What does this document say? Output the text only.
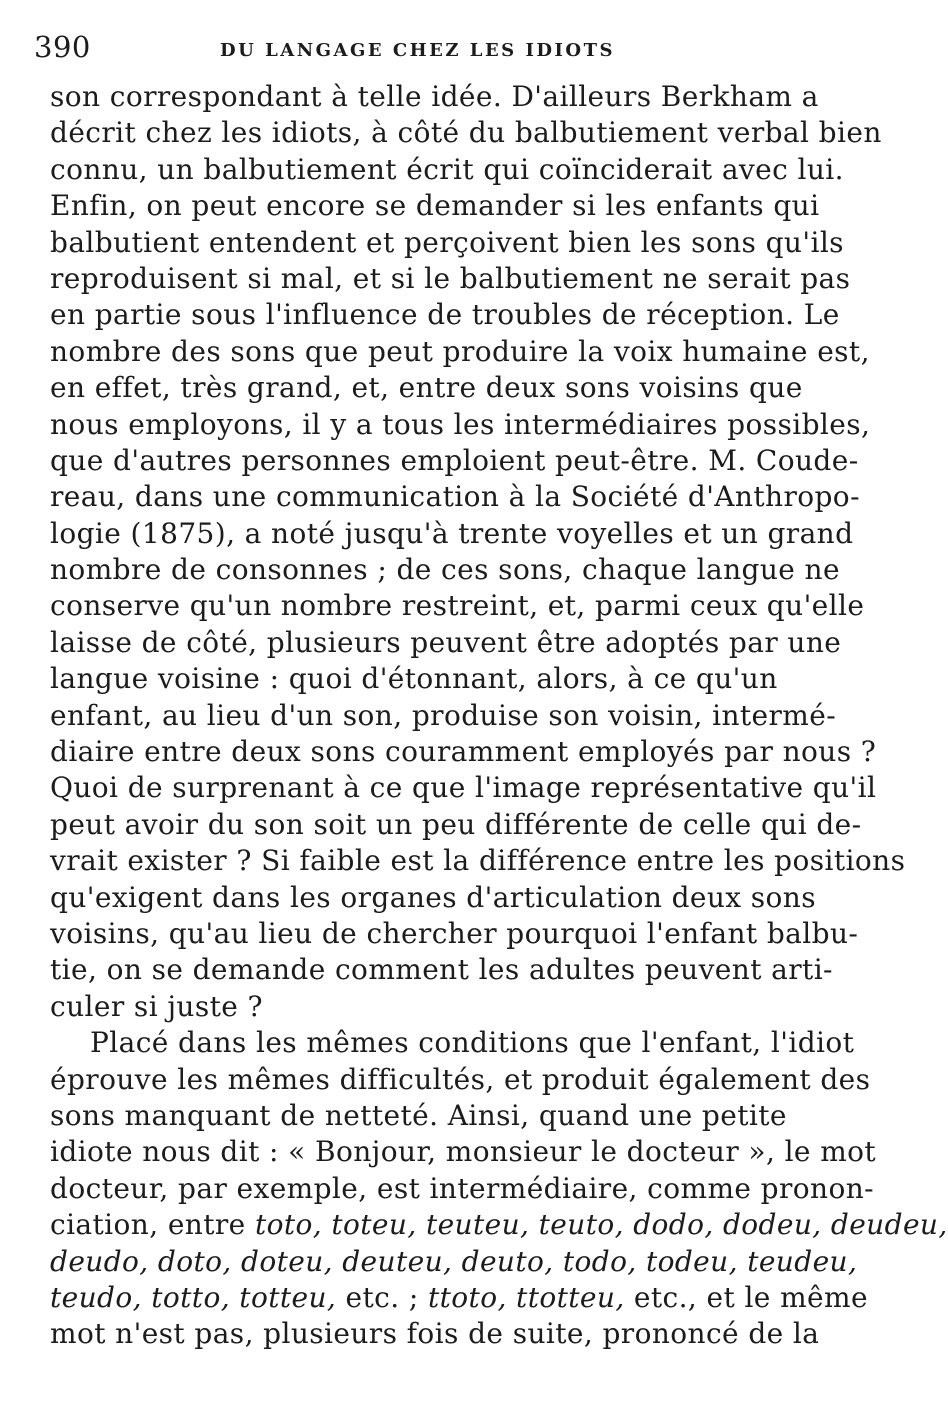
390	DU LANGAGE CHEZ LES IDIOTS
son correspondant à telle idée. D'ailleurs Berkham a
décrit chez les idiots, à côté du balbutiement verbal bien
connu, un balbutiement écrit qui coïnciderait avec lui.
Enfin, on peut encore se demander si les enfants qui
balbutient entendent et perçoivent bien les sons qu'ils
reproduisent si mal, et si le balbutiement ne serait pas
en partie sous l'influence de troubles de réception. Le
nombre des sons que peut produire la voix humaine est,
en effet, très grand, et, entre deux sons voisins que
nous employons, il y a tous les intermédiaires possibles,
que d'autres personnes emploient peut-être. M. Coude-
reau, dans une communication à la Société d'Anthropo-
logie (1875), a noté jusqu'à trente voyelles et un grand
nombre de consonnes ; de ces sons, chaque langue ne
conserve qu'un nombre restreint, et, parmi ceux qu'elle
laisse de côté, plusieurs peuvent être adoptés par une
langue voisine : quoi d'étonnant, alors, à ce qu'un
enfant, au lieu d'un son, produise son voisin, intermé-
diaire entre deux sons couramment employés par nous ?
Quoi de surprenant à ce que l'image représentative qu'il
peut avoir du son soit un peu différente de celle qui de-
vrait exister ? Si faible est la différence entre les positions
qu'exigent dans les organes d'articulation deux sons
voisins, qu'au lieu de chercher pourquoi l'enfant balbu-
tie, on se demande comment les adultes peuvent arti-
culer si juste ?
Placé dans les mêmes conditions que l'enfant, l'idiot
éprouve les mêmes difficultés, et produit également des
sons manquant de netteté. Ainsi, quand une petite
idiote nous dit : « Bonjour, monsieur le docteur », le mot
docteur, par exemple, est intermédiaire, comme pronon-
ciation, entre toto, toteu, teuteu, teuto, dodo, dodeu, deudeu,
deudo, doto, doteu, deuteu, deuto, todo, todeu, teudeu,
teudo, totto, totteu, etc. ; ttoto, ttotteu, etc., et le même
mot n'est pas, plusieurs fois de suite, prononcé de la
